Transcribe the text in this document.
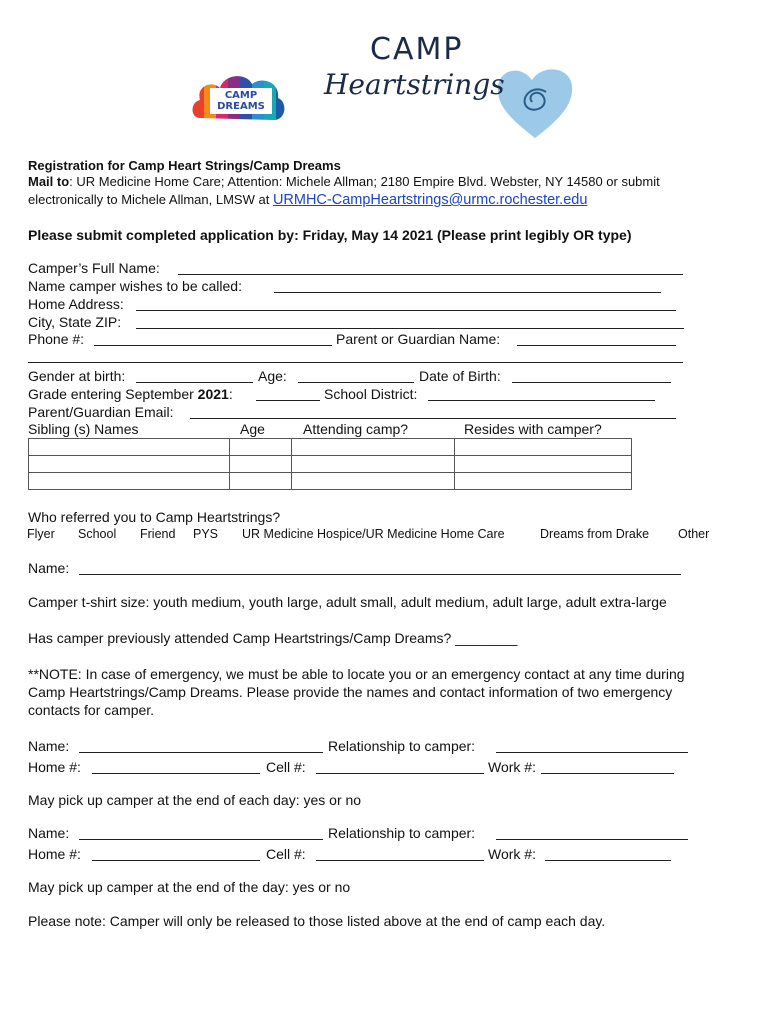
CAMP
DREAMS
CAMP
Heartstrings
Registration for Camp Heart Strings/Camp Dreams
Mail to: UR Medicine Home Care; Attention: Michele Allman; 2180 Empire Blvd. Webster, NY 14580 or submit
electronically to Michele Allman, LMSW at URMHC-CampHeartstrings@urmc.rochester.edu
Please submit completed application by: Friday, May 14 2021 (Please print legibly OR type)
Camper’s Full Name:
Name camper wishes to be called:
Home Address:
City, State ZIP:
Phone #:	Parent or Guardian Name:
Gender at birth:	Age:	Date of Birth:
Grade entering September 2021:	School District:
Parent/Guardian Email:
Sibling (s) Names	Age	Attending camp?	Resides with camper?

Who referred you to Camp Heartstrings?
Flyer School Friend PYS UR Medicine Hospice/UR Medicine Home Care	Dreams from Drake Other
Name:
Camper t-shirt size: youth medium, youth large, adult small, adult medium, adult large, adult extra-large
Has camper previously attended Camp Heartstrings/Camp Dreams? ________
**NOTE: In case of emergency, we must be able to locate you or an emergency contact at any time during
Camp Heartstrings/Camp Dreams. Please provide the names and contact information of two emergency
contacts for camper.
Name:	Relationship to camper:
Home #:	Cell #:	Work #:
May pick up camper at the end of each day: yes or no
Name:	Relationship to camper:
Home #:	Cell #:	Work #:
May pick up camper at the end of the day: yes or no
Please note: Camper will only be released to those listed above at the end of camp each day.
